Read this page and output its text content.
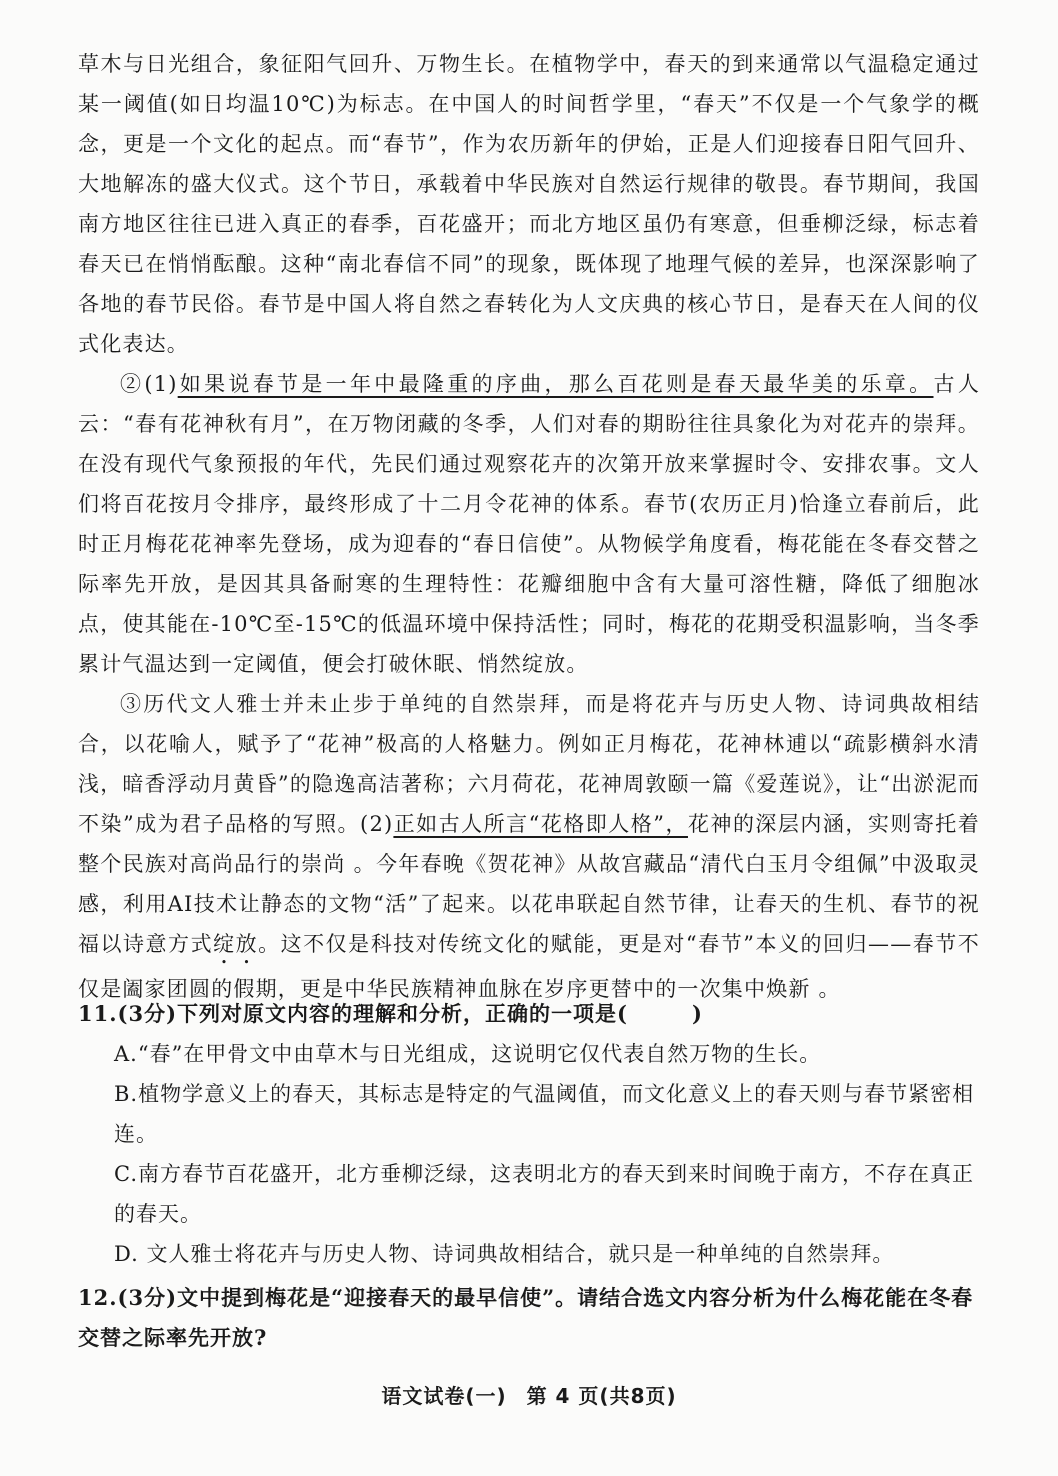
草木与日光组合，象征阳气回升、万物生长。在植物学中，春天的到来通常以气温稳定通过某一阈值(如日均温10℃)为标志。在中国人的时间哲学里，“春天”不仅是一个气象学的概念，更是一个文化的起点。而“春节”，作为农历新年的伊始，正是人们迎接春日阳气回升、大地解冻的盛大仪式。这个节日，承载着中华民族对自然运行规律的敬畏。春节期间，我国南方地区往往已进入真正的春季，百花盛开；而北方地区虽仍有寒意，但垂柳泛绿，标志着春天已在悄悄酝酿。这种“南北春信不同”的现象，既体现了地理气候的差异，也深深影响了各地的春节民俗。春节是中国人将自然之春转化为人文庆典的核心节日，是春天在人间的仪式化表达。

②(1)如果说春节是一年中最隆重的序曲，那么百花则是春天最华美的乐章。古人云：“春有花神秋有月”，在万物闭藏的冬季，人们对春的期盼往往具象化为对花卉的崇拜。在没有现代气象预报的年代，先民们通过观察花卉的次第开放来掌握时令、安排农事。文人们将百花按月令排序，最终形成了十二月令花神的体系。春节(农历正月)恰逢立春前后，此时正月梅花花神率先登场，成为迎春的“春日信使”。从物候学角度看，梅花能在冬春交替之际率先开放，是因其具备耐寒的生理特性：花瓣细胞中含有大量可溶性糖，降低了细胞冰点，使其能在-10℃至-15℃的低温环境中保持活性；同时，梅花的花期受积温影响，当冬季累计气温达到一定阈值，便会打破休眠、悄然绽放。

③历代文人雅士并未止步于单纯的自然崇拜，而是将花卉与历史人物、诗词典故相结合，以花喻人，赋予了“花神”极高的人格魅力。例如正月梅花，花神林逋以“疏影横斜水清浅，暗香浮动月黄昏”的隐逸高洁著称；六月荷花，花神周敦颐一篇《爱莲说》，让“出淤泥而不染”成为君子品格的写照。(2)正如古人所言“花格即人格”，花神的深层内涵，实则寄托着整个民族对高尚品行的崇尚 。今年春晚《贺花神》从故宫藏品“清代白玉月令组佩”中汲取灵感，利用AI技术让静态的文物“活”了起来。以花串联起自然节律，让春天的生机、春节的祝福以诗意方式绽放。这不仅是科技对传统文化的赋能，更是对“春节”本义的回归——春节不仅是阖家团圆的假期，更是中华民族精神血脉在岁序更替中的一次集中焕新 。

11.(3分)下列对原文内容的理解和分析，正确的一项是(	)
A.“春”在甲骨文中由草木与日光组成，这说明它仅代表自然万物的生长。
B.植物学意义上的春天，其标志是特定的气温阈值，而文化意义上的春天则与春节紧密相连。
C.南方春节百花盛开，北方垂柳泛绿，这表明北方的春天到来时间晚于南方，不存在真正的春天。
D. 文人雅士将花卉与历史人物、诗词典故相结合，就只是一种单纯的自然崇拜。
12.(3分)文中提到梅花是“迎接春天的最早信使”。请结合选文内容分析为什么梅花能在冬春交替之际率先开放?
语文试卷(一) 第 4 页(共8页)
